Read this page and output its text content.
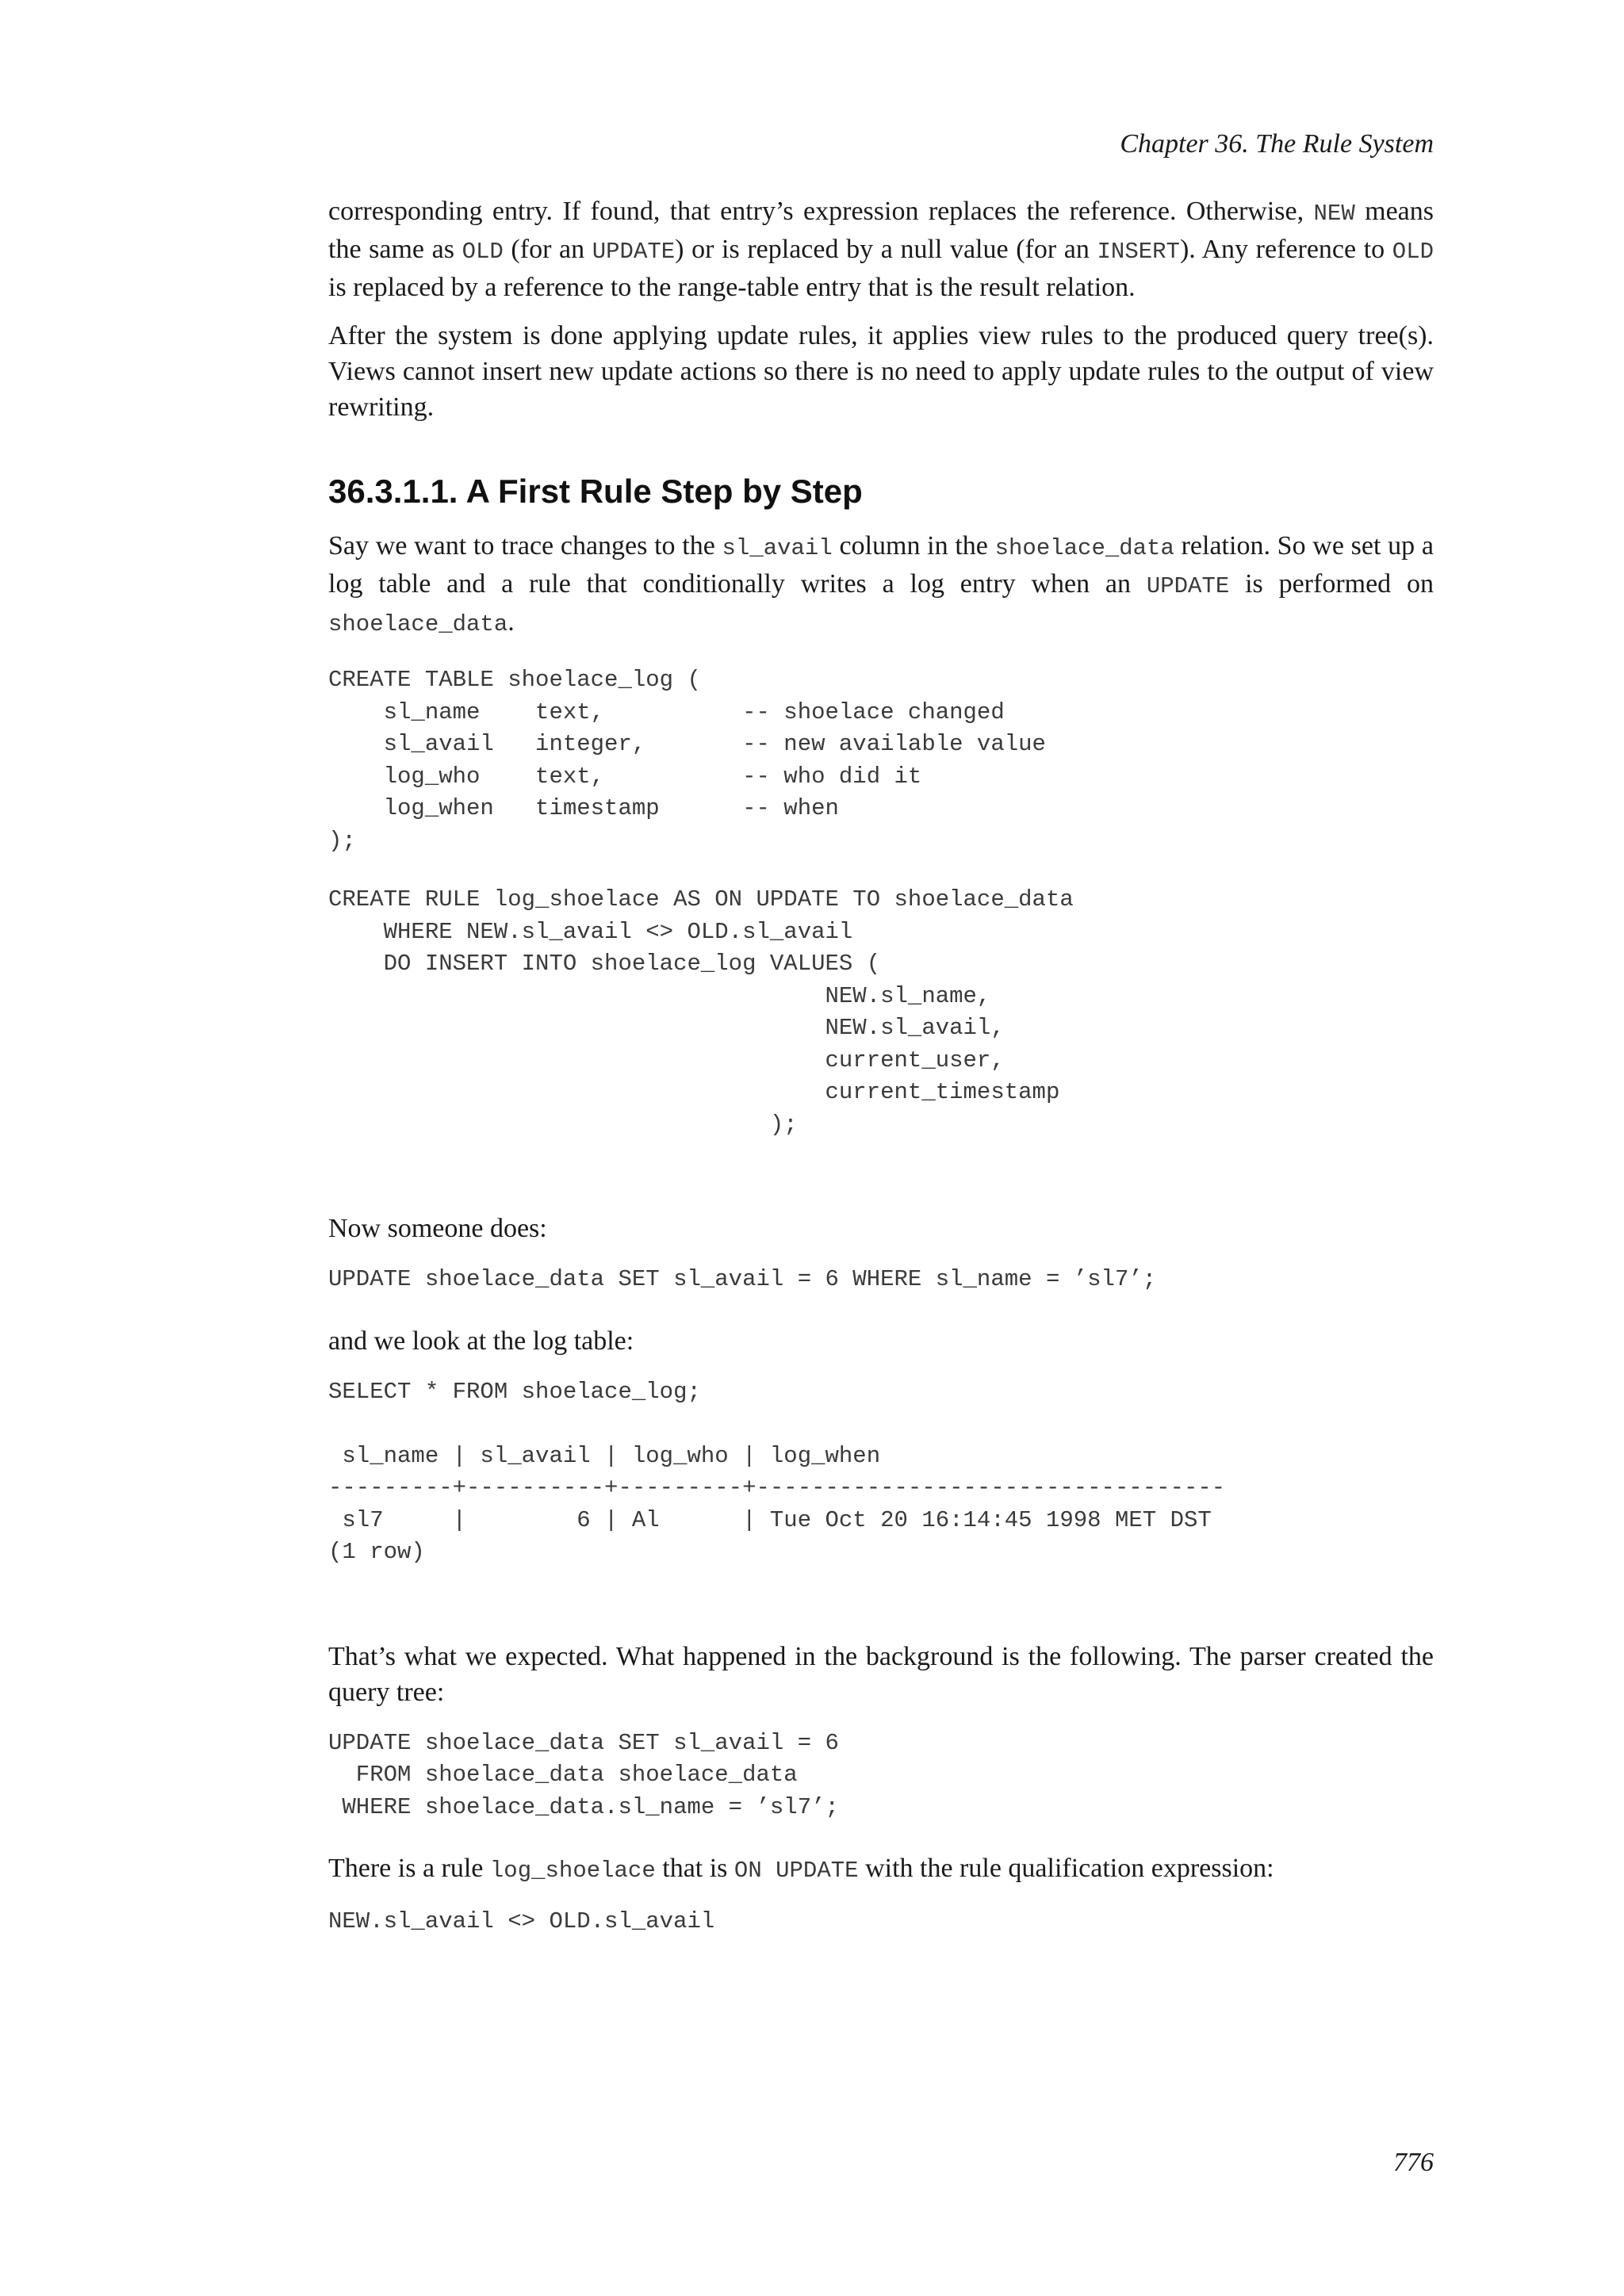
Chapter 36. The Rule System

corresponding entry. If found, that entry’s expression replaces the reference. Otherwise, NEW means the same as OLD (for an UPDATE) or is replaced by a null value (for an INSERT). Any reference to OLD is replaced by a reference to the range-table entry that is the result relation.

After the system is done applying update rules, it applies view rules to the produced query tree(s). Views cannot insert new update actions so there is no need to apply update rules to the output of view rewriting.

36.3.1.1. A First Rule Step by Step

Say we want to trace changes to the sl_avail column in the shoelace_data relation. So we set up a log table and a rule that conditionally writes a log entry when an UPDATE is performed on shoelace_data.

CREATE TABLE shoelace_log (
sl_name    text,          -- shoelace changed
sl_avail   integer,       -- new available value
log_who    text,          -- who did it
log_when   timestamp      -- when
);
CREATE RULE log_shoelace AS ON UPDATE TO shoelace_data
WHERE NEW.sl_avail <> OLD.sl_avail
DO INSERT INTO shoelace_log VALUES (
NEW.sl_name,
NEW.sl_avail,
current_user,
current_timestamp
);

Now someone does:

UPDATE shoelace_data SET sl_avail = 6 WHERE sl_name = ’sl7’;

and we look at the log table:

SELECT * FROM shoelace_log;

sl_name | sl_avail | log_who | log_when
---------+----------+---------+----------------------------------
sl7     |        6 | Al      | Tue Oct 20 16:14:45 1998 MET DST
(1 row)

That’s what we expected. What happened in the background is the following. The parser created the query tree:

UPDATE shoelace_data SET sl_avail = 6
FROM shoelace_data shoelace_data
WHERE shoelace_data.sl_name = ’sl7’;

There is a rule log_shoelace that is ON UPDATE with the rule qualification expression:

NEW.sl_avail <> OLD.sl_avail
776
